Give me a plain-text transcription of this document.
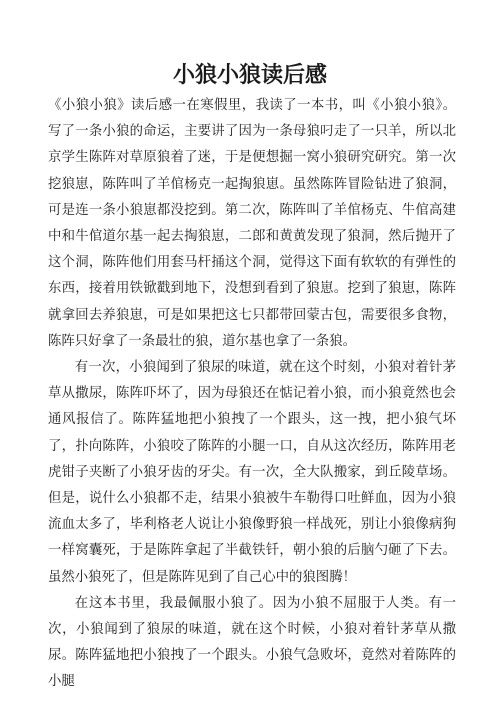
小狼小狼读后感

《小狼小狼》读后感一在寒假里，我读了一本书，叫《小狼小狼》。写了一条小狼的命运，主要讲了因为一条母狼叼走了一只羊，所以北京学生陈阵对草原狼着了迷，于是便想掘一窝小狼研究研究。第一次挖狼崽，陈阵叫了羊倌杨克一起掏狼崽。虽然陈阵冒险钻进了狼洞，可是连一条小狼崽都没挖到。第二次，陈阵叫了羊倌杨克、牛倌高建中和牛倌道尔基一起去掏狼崽，二郎和黄黄发现了狼洞，然后抛开了这个洞，陈阵他们用套马杆捅这个洞，觉得这下面有软软的有弹性的东西，接着用铁锨戳到地下，没想到看到了狼崽。挖到了狼崽，陈阵就拿回去养狼崽，可是如果把这七只都带回蒙古包，需要很多食物，陈阵只好拿了一条最壮的狼，道尔基也拿了一条狼。

有一次，小狼闻到了狼尿的味道，就在这个时刻，小狼对着针茅草从撒尿，陈阵吓坏了，因为母狼还在惦记着小狼，而小狼竟然也会通风报信了。陈阵猛地把小狼拽了一个跟头，这一拽，把小狼气坏了，扑向陈阵，小狼咬了陈阵的小腿一口，自从这次经历，陈阵用老虎钳子夹断了小狼牙齿的牙尖。有一次，全大队搬家，到丘陵草场。但是，说什么小狼都不走，结果小狼被牛车勒得口吐鲜血，因为小狼流血太多了，毕利格老人说让小狼像野狼一样战死，别让小狼像病狗一样窝囊死，于是陈阵拿起了半截铁钎，朝小狼的后脑勺砸了下去。虽然小狼死了，但是陈阵见到了自己心中的狼图腾！

在这本书里，我最佩服小狼了。因为小狼不屈服于人类。有一次，小狼闻到了狼尿的味道，就在这个时候，小狼对着针茅草从撒尿。陈阵猛地把小狼拽了一个跟头。小狼气急败坏，竟然对着陈阵的小腿
